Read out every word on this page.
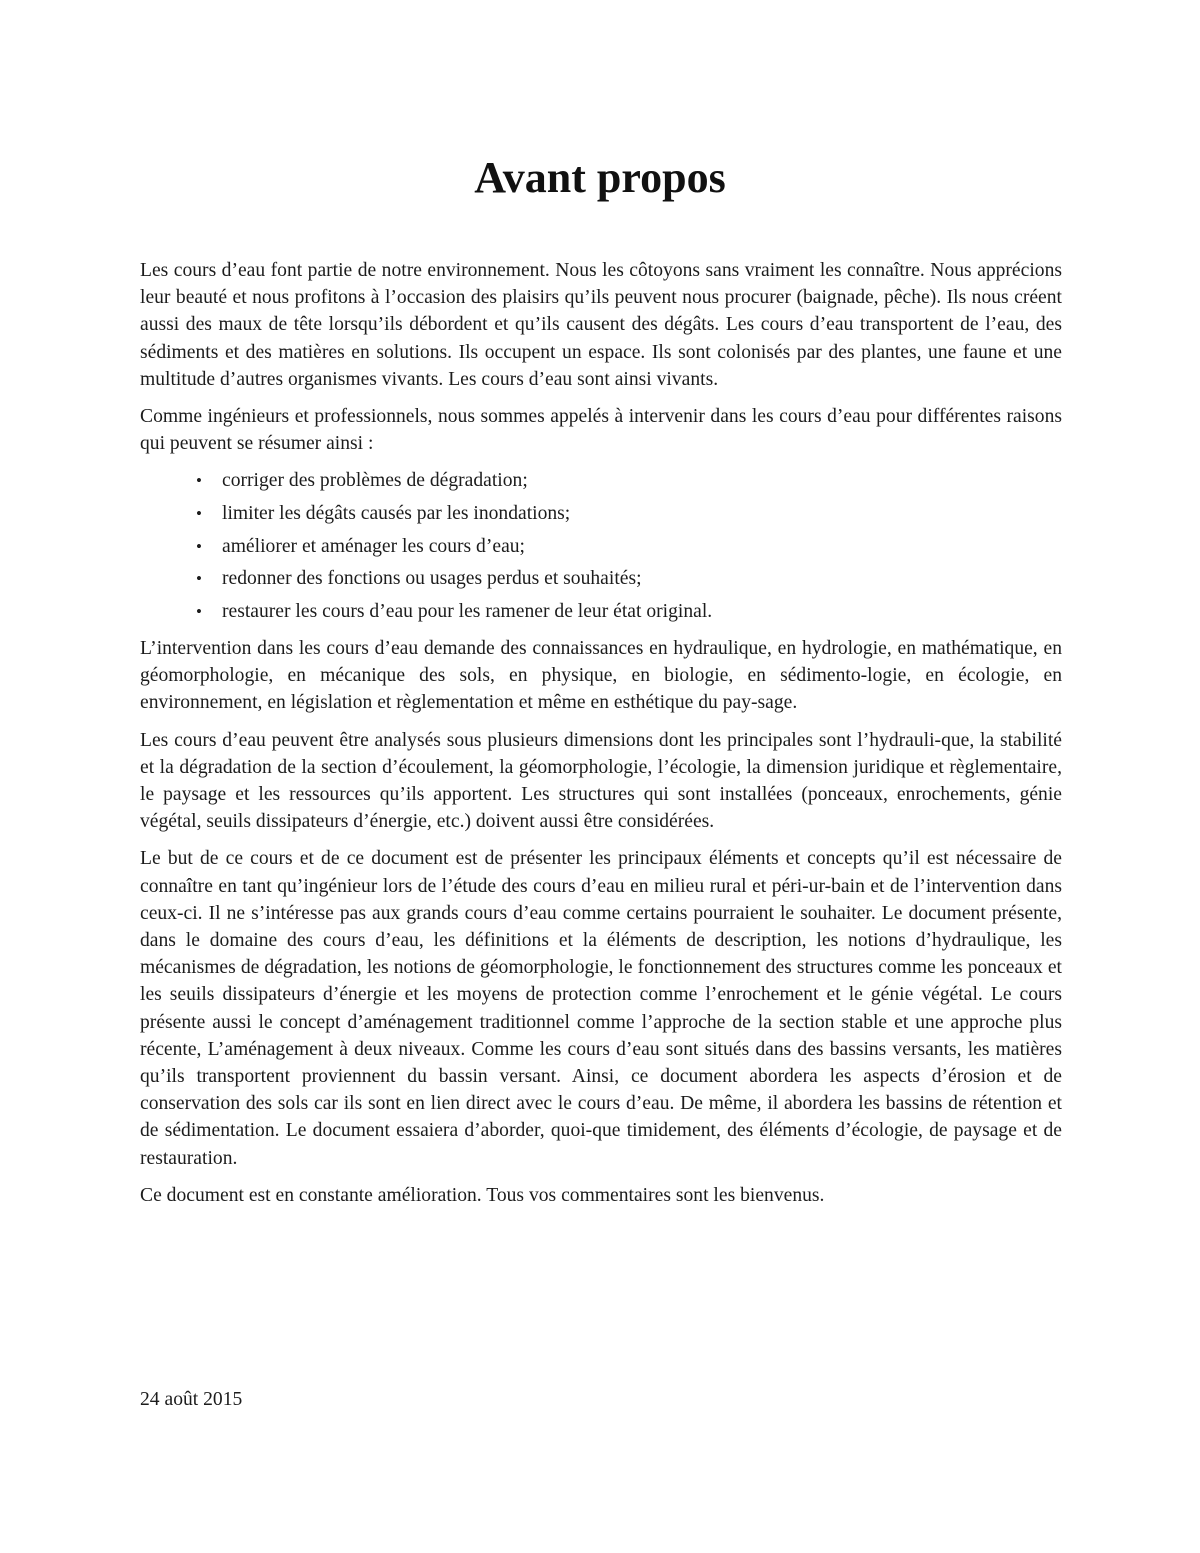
Avant propos

Les cours d’eau font partie de notre environnement. Nous les côtoyons sans vraiment les connaître. Nous apprécions leur beauté et nous profitons à l’occasion des plaisirs qu’ils peuvent nous procurer (baignade, pêche). Ils nous créent aussi des maux de tête lorsqu’ils débordent et qu’ils causent des dégâts. Les cours d’eau transportent de l’eau, des sédiments et des matières en solutions. Ils occupent un espace. Ils sont colonisés par des plantes, une faune et une multitude d’autres organismes vivants. Les cours d’eau sont ainsi vivants.

Comme ingénieurs et professionnels, nous sommes appelés à intervenir dans les cours d’eau pour différentes raisons qui peuvent se résumer ainsi :

• corriger des problèmes de dégradation;
• limiter les dégâts causés par les inondations;
• améliorer et aménager les cours d’eau;
• redonner des fonctions ou usages perdus et souhaités;
• restaurer les cours d’eau pour les ramener de leur état original.

L’intervention dans les cours d’eau demande des connaissances en hydraulique, en hydrologie, en mathématique, en géomorphologie, en mécanique des sols, en physique, en biologie, en sédimento-logie, en écologie, en environnement, en législation et règlementation et même en esthétique du pay-sage.

Les cours d’eau peuvent être analysés sous plusieurs dimensions dont les principales sont l’hydrauli-que, la stabilité et la dégradation de la section d’écoulement, la géomorphologie, l’écologie, la dimension juridique et règlementaire, le paysage et les ressources qu’ils apportent. Les structures qui sont installées (ponceaux, enrochements, génie végétal, seuils dissipateurs d’énergie, etc.) doivent aussi être considérées.

Le but de ce cours et de ce document est de présenter les principaux éléments et concepts qu’il est nécessaire de connaître en tant qu’ingénieur lors de l’étude des cours d’eau en milieu rural et péri-ur-bain et de l’intervention dans ceux-ci. Il ne s’intéresse pas aux grands cours d’eau comme certains pourraient le souhaiter. Le document présente, dans le domaine des cours d’eau, les définitions et la éléments de description, les notions d’hydraulique, les mécanismes de dégradation, les notions de géomorphologie, le fonctionnement des structures comme les ponceaux et les seuils dissipateurs d’énergie et les moyens de protection comme l’enrochement et le génie végétal. Le cours présente aussi le concept d’aménagement traditionnel comme l’approche de la section stable et une approche plus récente, L’aménagement à deux niveaux. Comme les cours d’eau sont situés dans des bassins versants, les matières qu’ils transportent proviennent du bassin versant. Ainsi, ce document abordera les aspects d’érosion et de conservation des sols car ils sont en lien direct avec le cours d’eau. De même, il abordera les bassins de rétention et de sédimentation. Le document essaiera d’aborder, quoi-que timidement, des éléments d’écologie, de paysage et de restauration.

Ce document est en constante amélioration. Tous vos commentaires sont les bienvenus.

24 août 2015
